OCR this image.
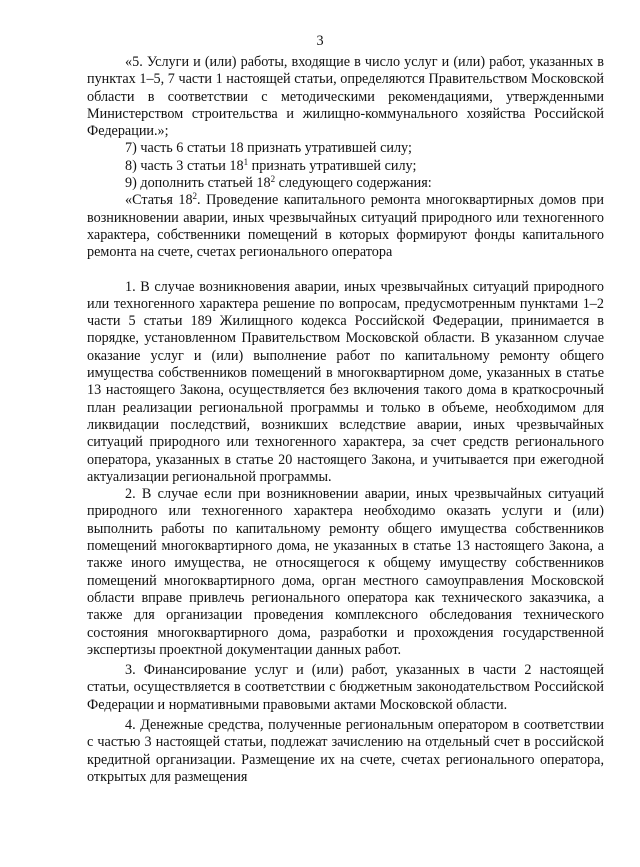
3

«5. Услуги и (или) работы, входящие в число услуг и (или) работ, указанных в пунктах 1–5, 7 части 1 настоящей статьи, определяются Правительством Московской области в соответствии с методическими рекомендациями, утвержденными Министерством строительства и жилищно-коммунального хозяйства Российской Федерации.»;

7) часть 6 статьи 18 признать утратившей силу;

8) часть 3 статьи $18^1$ признать утратившей силу;

9) дополнить статьей $18^2$ следующего содержания:

«Статья $18^2$. Проведение капитального ремонта многоквартирных домов при возникновении аварии, иных чрезвычайных ситуаций природного или техногенного характера, собственники помещений в которых формируют фонды капитального ремонта на счете, счетах регионального оператора

1. В случае возникновения аварии, иных чрезвычайных ситуаций природного или техногенного характера решение по вопросам, предусмотренным пунктами 1–2 части 5 статьи 189 Жилищного кодекса Российской Федерации, принимается в порядке, установленном Правительством Московской области. В указанном случае оказание услуг и (или) выполнение работ по капитальному ремонту общего имущества собственников помещений в многоквартирном доме, указанных в статье 13 настоящего Закона, осуществляется без включения такого дома в краткосрочный план реализации региональной программы и только в объеме, необходимом для ликвидации последствий, возникших вследствие аварии, иных чрезвычайных ситуаций природного или техногенного характера, за счет средств регионального оператора, указанных в статье 20 настоящего Закона, и учитывается при ежегодной актуализации региональной программы.

2. В случае если при возникновении аварии, иных чрезвычайных ситуаций природного или техногенного характера необходимо оказать услуги и (или) выполнить работы по капитальному ремонту общего имущества собственников помещений многоквартирного дома, не указанных в статье 13 настоящего Закона, а также иного имущества, не относящегося к общему имуществу собственников помещений многоквартирного дома, орган местного самоуправления Московской области вправе привлечь регионального оператора как технического заказчика, а также для организации проведения комплексного обследования технического состояния многоквартирного дома, разработки и прохождения государственной экспертизы проектной документации данных работ.

3. Финансирование услуг и (или) работ, указанных в части 2 настоящей статьи, осуществляется в соответствии с бюджетным законодательством Российской Федерации и нормативными правовыми актами Московской области.

4. Денежные средства, полученные региональным оператором в соответствии с частью 3 настоящей статьи, подлежат зачислению на отдельный счет в российской кредитной организации. Размещение их на счете, счетах регионального оператора, открытых для размещения
